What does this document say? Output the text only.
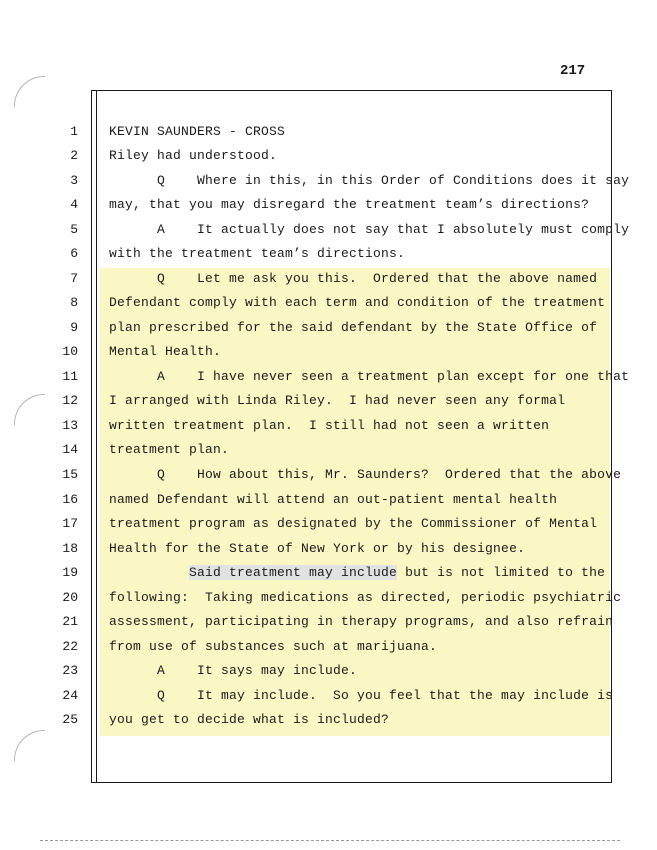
217
1 KEVIN SAUNDERS - CROSS
2 Riley had understood.
3 Q    Where in this, in this Order of Conditions does it say
4 may, that you may disregard the treatment team’s directions?
5 A    It actually does not say that I absolutely must comply
6 with the treatment team’s directions.
7 Q    Let me ask you this.  Ordered that the above named
8 Defendant comply with each term and condition of the treatment
9 plan prescribed for the said defendant by the State Office of
10 Mental Health.
11 A    I have never seen a treatment plan except for one that
12 I arranged with Linda Riley.  I had never seen any formal
13 written treatment plan.  I still had not seen a written
14 treatment plan.
15 Q    How about this, Mr. Saunders?  Ordered that the above
16 named Defendant will attend an out-patient mental health
17 treatment program as designated by the Commissioner of Mental
18 Health for the State of New York or by his designee.
19	Said treatment may include but is not limited to the
20 following:  Taking medications as directed, periodic psychiatric
21 assessment, participating in therapy programs, and also refrain
22 from use of substances such at marijuana.
23 A    It says may include.
24 Q    It may include.  So you feel that the may include is
25 you get to decide what is included?
